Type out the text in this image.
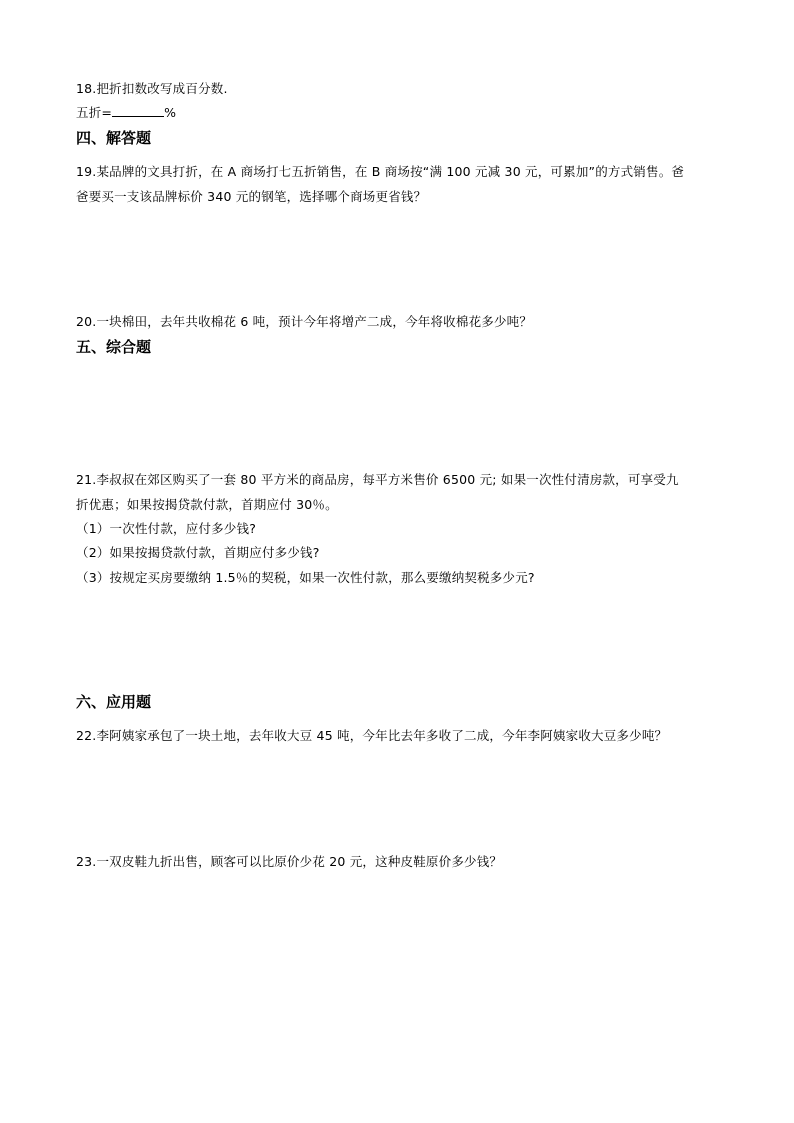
18.把折扣数改写成百分数.
五折=	%
四、解答题
19.某品牌的文具打折，在 A 商场打七五折销售，在 B 商场按“满 100 元减 30 元，可累加”的方式销售。爸
爸要买一支该品牌标价 340 元的钢笔，选择哪个商场更省钱？
20.一块棉田，去年共收棉花 6 吨，预计今年将增产二成，今年将收棉花多少吨？
五、综合题
21.李叔叔在郊区购买了一套 80 平方米的商品房，每平方米售价 6500 元; 如果一次性付清房款，可享受九
折优惠；如果按揭贷款付款，首期应付 30％。
（1）一次性付款，应付多少钱?
（2）如果按揭贷款付款，首期应付多少钱?
（3）按规定买房要缴纳 1.5％的契税，如果一次性付款，那么要缴纳契税多少元?
六、应用题
22.李阿姨家承包了一块土地，去年收大豆 45 吨，今年比去年多收了二成，今年李阿姨家收大豆多少吨？
23.一双皮鞋九折出售，顾客可以比原价少花 20 元，这种皮鞋原价多少钱？
